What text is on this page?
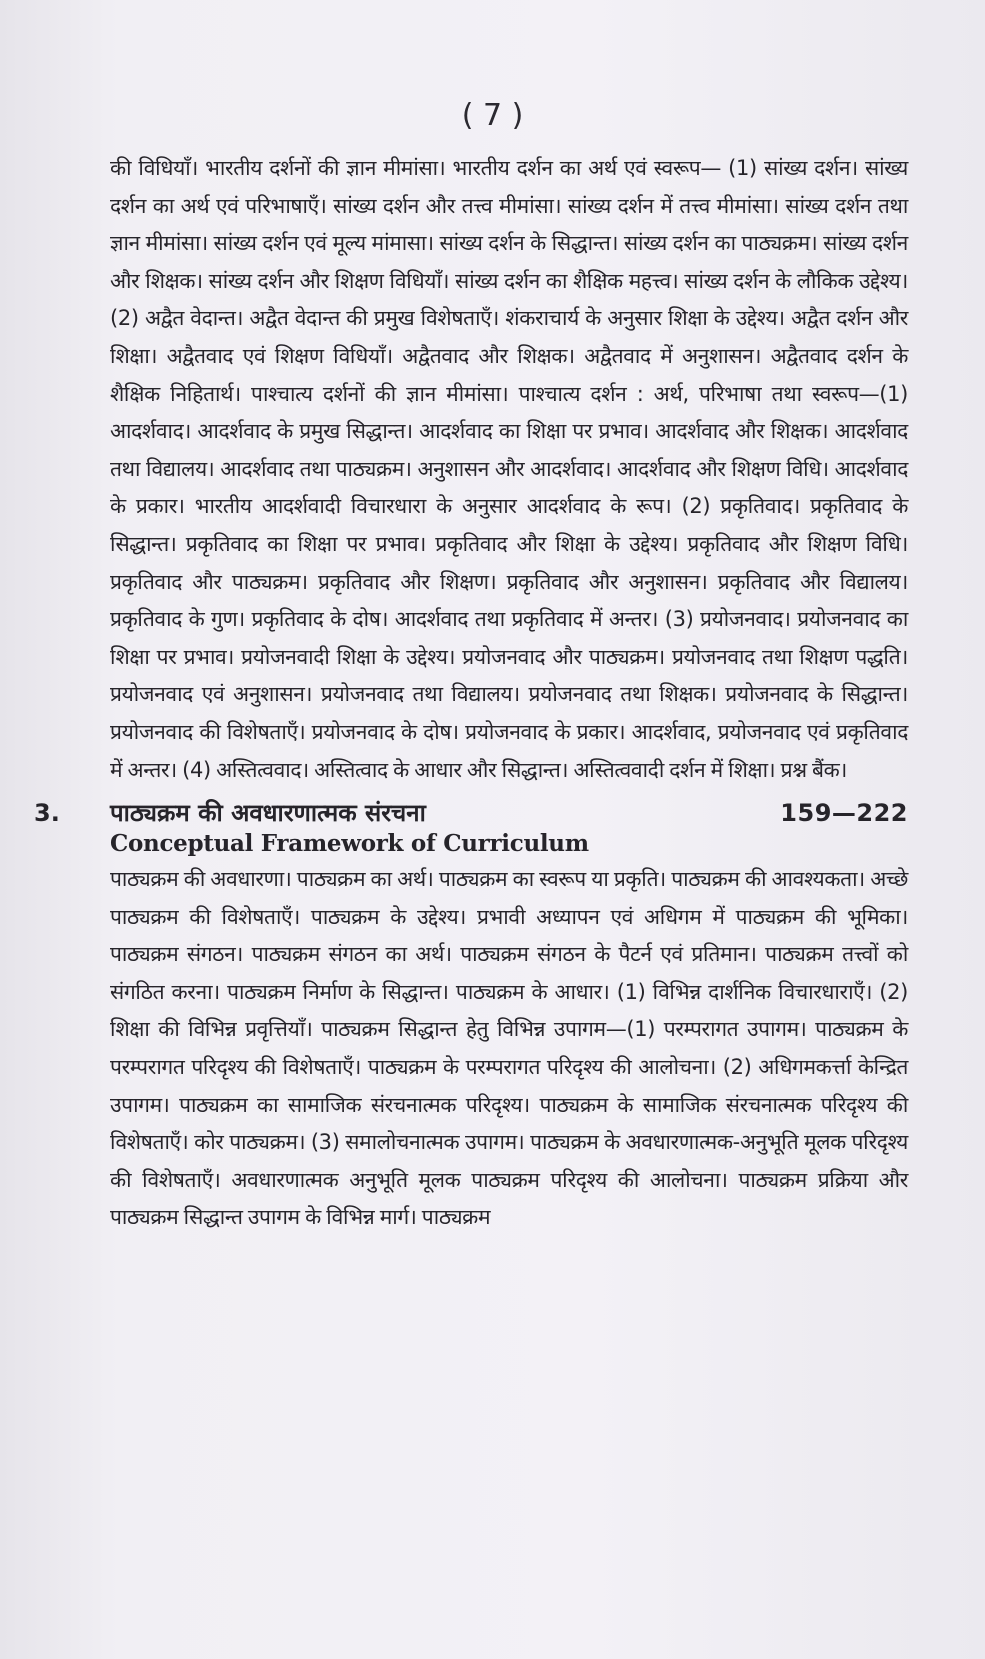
( 7 )

की विधियाँ। भारतीय दर्शनों की ज्ञान मीमांसा। भारतीय दर्शन का अर्थ एवं स्वरूप— (1) सांख्य दर्शन। सांख्य दर्शन का अर्थ एवं परिभाषाएँ। सांख्य दर्शन और तत्त्व मीमांसा। सांख्य दर्शन में तत्त्व मीमांसा। सांख्य दर्शन तथा ज्ञान मीमांसा। सांख्य दर्शन एवं मूल्य मांमासा। सांख्य दर्शन के सिद्धान्त। सांख्य दर्शन का पाठ्यक्रम। सांख्य दर्शन और शिक्षक। सांख्य दर्शन और शिक्षण विधियाँ। सांख्य दर्शन का शैक्षिक महत्त्व। सांख्य दर्शन के लौकिक उद्देश्य। (2) अद्वैत वेदान्त। अद्वैत वेदान्त की प्रमुख विशेषताएँ। शंकराचार्य के अनुसार शिक्षा के उद्देश्य। अद्वैत दर्शन और शिक्षा। अद्वैतवाद एवं शिक्षण विधियाँ। अद्वैतवाद और शिक्षक। अद्वैतवाद में अनुशासन। अद्वैतवाद दर्शन के शैक्षिक निहितार्थ। पाश्चात्य दर्शनों की ज्ञान मीमांसा। पाश्चात्य दर्शन : अर्थ, परिभाषा तथा स्वरूप—(1) आदर्शवाद। आदर्शवाद के प्रमुख सिद्धान्त। आदर्शवाद का शिक्षा पर प्रभाव। आदर्शवाद और शिक्षक। आदर्शवाद तथा विद्यालय। आदर्शवाद तथा पाठ्यक्रम। अनुशासन और आदर्शवाद। आदर्शवाद और शिक्षण विधि। आदर्शवाद के प्रकार। भारतीय आदर्शवादी विचारधारा के अनुसार आदर्शवाद के रूप। (2) प्रकृतिवाद। प्रकृतिवाद के सिद्धान्त। प्रकृतिवाद का शिक्षा पर प्रभाव। प्रकृतिवाद और शिक्षा के उद्देश्य। प्रकृतिवाद और शिक्षण विधि। प्रकृतिवाद और पाठ्यक्रम। प्रकृतिवाद और शिक्षण। प्रकृतिवाद और अनुशासन। प्रकृतिवाद और विद्यालय। प्रकृतिवाद के गुण। प्रकृतिवाद के दोष। आदर्शवाद तथा प्रकृतिवाद में अन्तर। (3) प्रयोजनवाद। प्रयोजनवाद का शिक्षा पर प्रभाव। प्रयोजनवादी शिक्षा के उद्देश्य। प्रयोजनवाद और पाठ्यक्रम। प्रयोजनवाद तथा शिक्षण पद्धति। प्रयोजनवाद एवं अनुशासन। प्रयोजनवाद तथा विद्यालय। प्रयोजनवाद तथा शिक्षक। प्रयोजनवाद के सिद्धान्त। प्रयोजनवाद की विशेषताएँ। प्रयोजनवाद के दोष। प्रयोजनवाद के प्रकार। आदर्शवाद, प्रयोजनवाद एवं प्रकृतिवाद में अन्तर। (4) अस्तित्ववाद। अस्तित्वाद के आधार और सिद्धान्त। अस्तित्ववादी दर्शन में शिक्षा। प्रश्न बैंक।

3.	पाठ्यक्रम की अवधारणात्मक संरचना	159—222
Conceptual Framework of Curriculum

पाठ्यक्रम की अवधारणा। पाठ्यक्रम का अर्थ। पाठ्यक्रम का स्वरूप या प्रकृति। पाठ्यक्रम की आवश्यकता। अच्छे पाठ्यक्रम की विशेषताएँ। पाठ्यक्रम के उद्देश्य। प्रभावी अध्यापन एवं अधिगम में पाठ्यक्रम की भूमिका। पाठ्यक्रम संगठन। पाठ्यक्रम संगठन का अर्थ। पाठ्यक्रम संगठन के पैटर्न एवं प्रतिमान। पाठ्यक्रम तत्त्वों को संगठित करना। पाठ्यक्रम निर्माण के सिद्धान्त। पाठ्यक्रम के आधार। (1) विभिन्न दार्शनिक विचारधाराएँ। (2) शिक्षा की विभिन्न प्रवृत्तियाँ। पाठ्यक्रम सिद्धान्त हेतु विभिन्न उपागम—(1) परम्परागत उपागम। पाठ्यक्रम के परम्परागत परिदृश्य की विशेषताएँ। पाठ्यक्रम के परम्परागत परिदृश्य की आलोचना। (2) अधिगमकर्त्ता केन्द्रित उपागम। पाठ्यक्रम का सामाजिक संरचनात्मक परिदृश्य। पाठ्यक्रम के सामाजिक संरचनात्मक परिदृश्य की विशेषताएँ। कोर पाठ्यक्रम। (3) समालोचनात्मक उपागम। पाठ्यक्रम के अवधारणात्मक-अनुभूति मूलक परिदृश्य की विशेषताएँ। अवधारणात्मक अनुभूति मूलक पाठ्यक्रम परिदृश्य की आलोचना। पाठ्यक्रम प्रक्रिया और पाठ्यक्रम सिद्धान्त उपागम के विभिन्न मार्ग। पाठ्यक्रम
